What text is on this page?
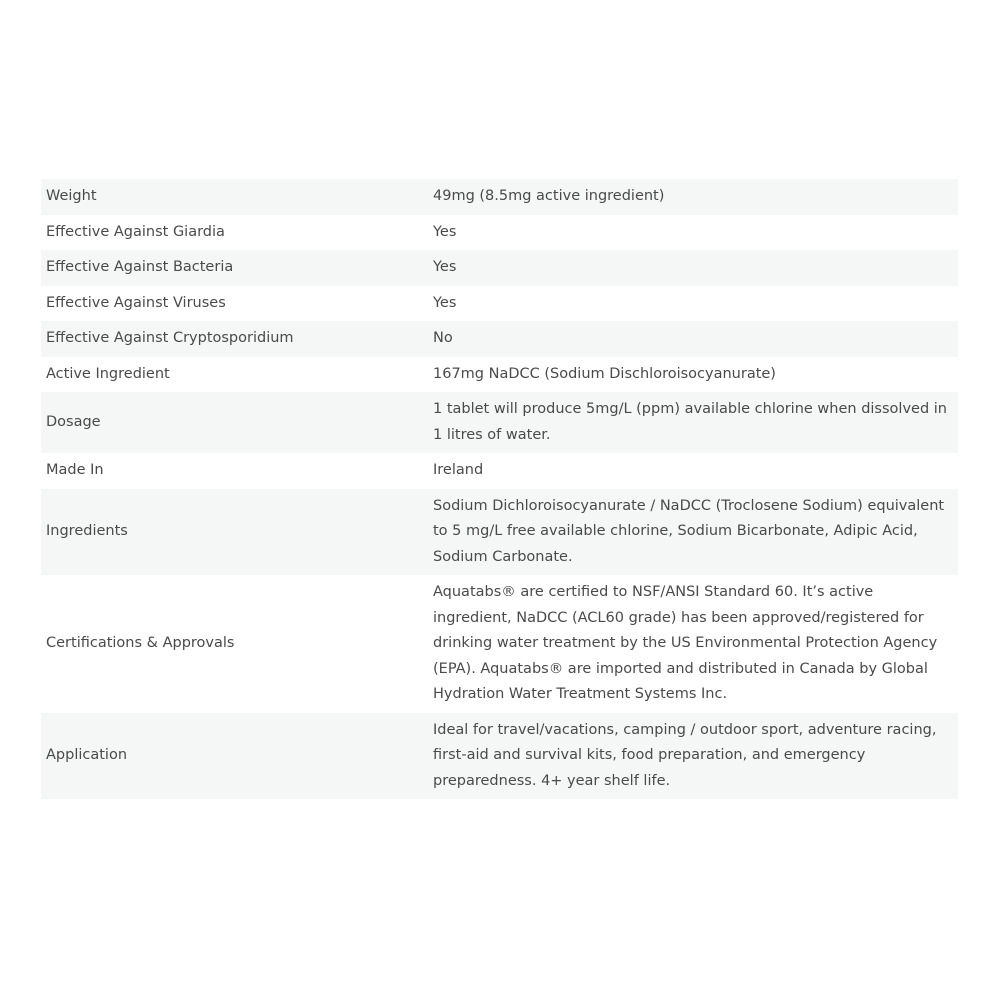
Weight	49mg (8.5mg active ingredient)
Effective Against Giardia	Yes
Effective Against Bacteria	Yes
Effective Against Viruses	Yes
Effective Against Cryptosporidium	No
Active Ingredient	167mg NaDCC (Sodium Dischloroisocyanurate)
Dosage	1 tablet will produce 5mg/L (ppm) available chlorine when dissolved in 1 litres of water.
Made In	Ireland
Ingredients	Sodium Dichloroisocyanurate / NaDCC (Troclosene Sodium) equivalent to 5 mg/L free available chlorine, Sodium Bicarbonate, Adipic Acid, Sodium Carbonate.
Certifications & Approvals	Aquatabs® are certified to NSF/ANSI Standard 60. It’s active ingredient, NaDCC (ACL60 grade) has been approved/registered for drinking water treatment by the US Environmental Protection Agency (EPA). Aquatabs® are imported and distributed in Canada by Global Hydration Water Treatment Systems Inc.
Application	Ideal for travel/vacations, camping / outdoor sport, adventure racing, first-aid and survival kits, food preparation, and emergency preparedness. 4+ year shelf life.
